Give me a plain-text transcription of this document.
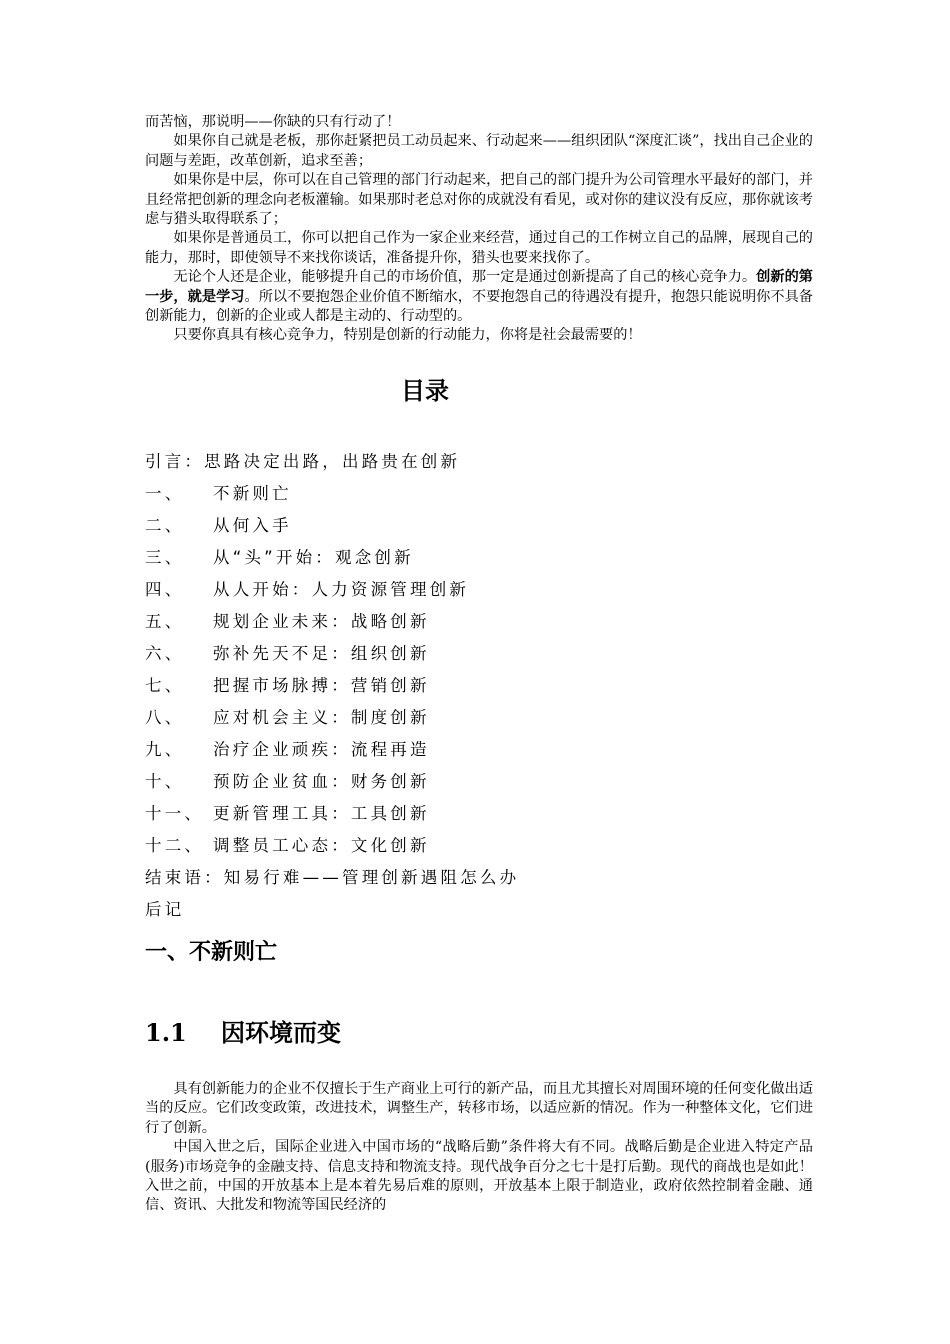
而苦恼，那说明——你缺的只有行动了！

如果你自己就是老板，那你赶紧把员工动员起来、行动起来——组织团队“深度汇谈”，找出自己企业的问题与差距，改革创新，追求至善；

如果你是中层，你可以在自己管理的部门行动起来，把自己的部门提升为公司管理水平最好的部门，并且经常把创新的理念向老板灌输。如果那时老总对你的成就没有看见，或对你的建议没有反应，那你就该考虑与猎头取得联系了；

如果你是普通员工，你可以把自己作为一家企业来经营，通过自己的工作树立自己的品牌，展现自己的能力，那时，即使领导不来找你谈话，准备提升你，猎头也要来找你了。

无论个人还是企业，能够提升自己的市场价值，那一定是通过创新提高了自己的核心竞争力。创新的第一步，就是学习。所以不要抱怨企业价值不断缩水，不要抱怨自己的待遇没有提升，抱怨只能说明你不具备创新能力，创新的企业或人都是主动的、行动型的。

只要你真具有核心竞争力，特别是创新的行动能力，你将是社会最需要的！

目录
引言：思路决定出路，出路贵在创新
一、 不新则亡
二、 从何入手
三、 从“头”开始：观念创新
四、 从人开始：人力资源管理创新
五、 规划企业未来：战略创新
六、 弥补先天不足：组织创新
七、 把握市场脉搏：营销创新
八、 应对机会主义：制度创新
九、 治疗企业顽疾：流程再造
十、 预防企业贫血：财务创新
十一、 更新管理工具：工具创新
十二、 调整员工心态：文化创新
结束语：知易行难——管理创新遇阻怎么办
后记
一、不新则亡
1.1 因环境而变

具有创新能力的企业不仅擅长于生产商业上可行的新产品，而且尤其擅长对周围环境的任何变化做出适当的反应。它们改变政策，改进技术，调整生产，转移市场，以适应新的情况。作为一种整体文化，它们进行了创新。

中国入世之后，国际企业进入中国市场的“战略后勤”条件将大有不同。战略后勤是企业进入特定产品(服务)市场竞争的金融支持、信息支持和物流支持。现代战争百分之七十是打后勤。现代的商战也是如此！入世之前，中国的开放基本上是本着先易后难的原则，开放基本上限于制造业，政府依然控制着金融、通信、资讯、大批发和物流等国民经济的
